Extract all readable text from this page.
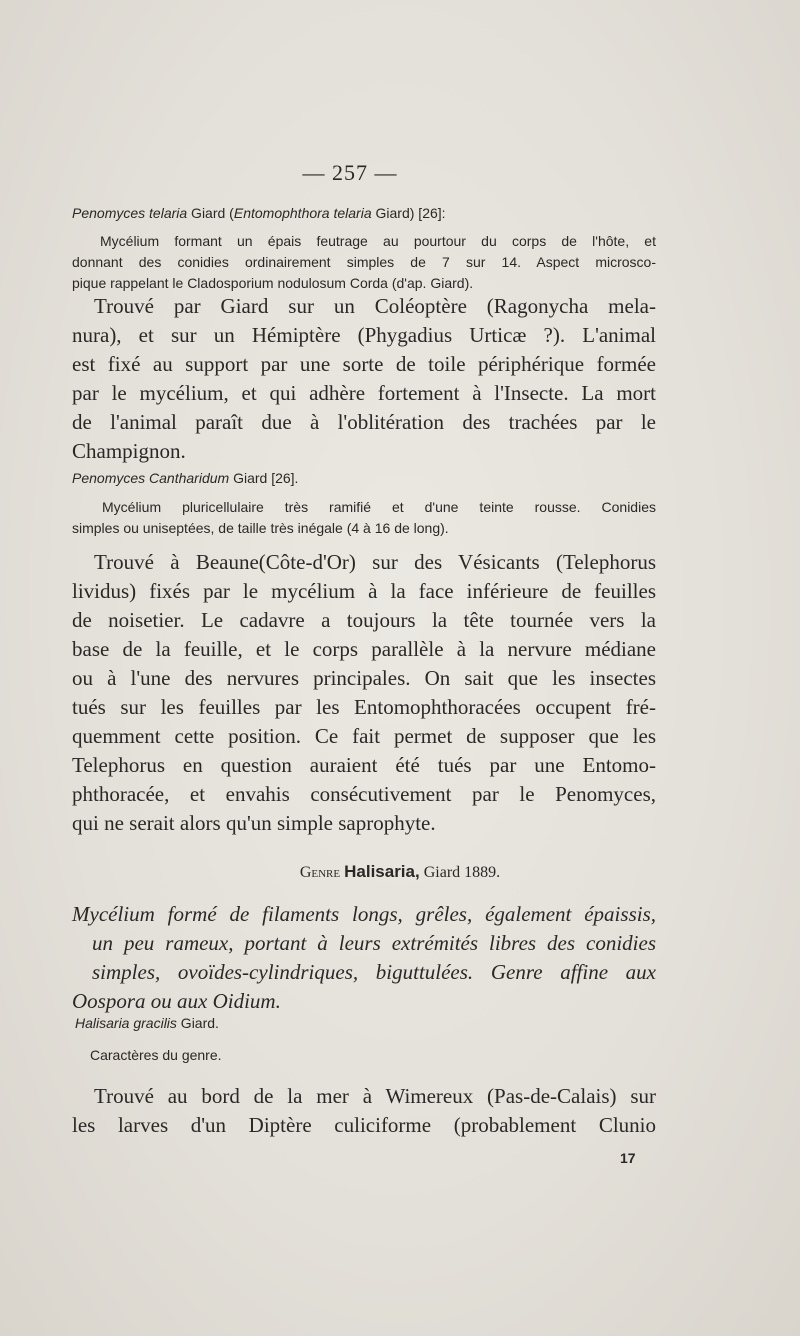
— 257 —
Penomyces telaria Giard (Entomophthora telaria Giard) [26]:
Mycélium formant un épais feutrage au pourtour du corps de l'hôte, et
donnant des conidies ordinairement simples de 7 sur 14. Aspect microsco-
pique rappelant le Cladosporium nodulosum Corda (d'ap. Giard).
Trouvé par Giard sur un Coléoptère (Ragonycha mela-
nura), et sur un Hémiptère (Phygadius Urticæ ?). L'animal
est fixé au support par une sorte de toile périphérique formée
par le mycélium, et qui adhère fortement à l'Insecte. La mort
de l'animal paraît due à l'oblitération des trachées par le
Champignon.
Penomyces Cantharidum Giard [26].
Mycélium pluricellulaire très ramifié et d'une teinte rousse. Conidies
simples ou uniseptées, de taille très inégale (4 à 16 de long).
Trouvé à Beaune(Côte-d'Or) sur des Vésicants (Telephorus
lividus) fixés par le mycélium à la face inférieure de feuilles
de noisetier. Le cadavre a toujours la tête tournée vers la
base de la feuille, et le corps parallèle à la nervure médiane
ou à l'une des nervures principales. On sait que les insectes
tués sur les feuilles par les Entomophthoracées occupent fré-
quemment cette position. Ce fait permet de supposer que les
Telephorus en question auraient été tués par une Entomo-
phthoracée, et envahis consécutivement par le Penomyces,
qui ne serait alors qu'un simple saprophyte.
Genre Halisaria, Giard 1889.
Mycélium formé de filaments longs, grêles, également épaissis,
un peu rameux, portant à leurs extrémités libres des conidies
simples, ovoïdes-cylindriques, biguttulées. Genre affine aux
Oospora ou aux Oidium.
Halisaria gracilis Giard.
Caractères du genre.
Trouvé au bord de la mer à Wimereux (Pas-de-Calais) sur
les larves d'un Diptère culiciforme (probablement Clunio
17
